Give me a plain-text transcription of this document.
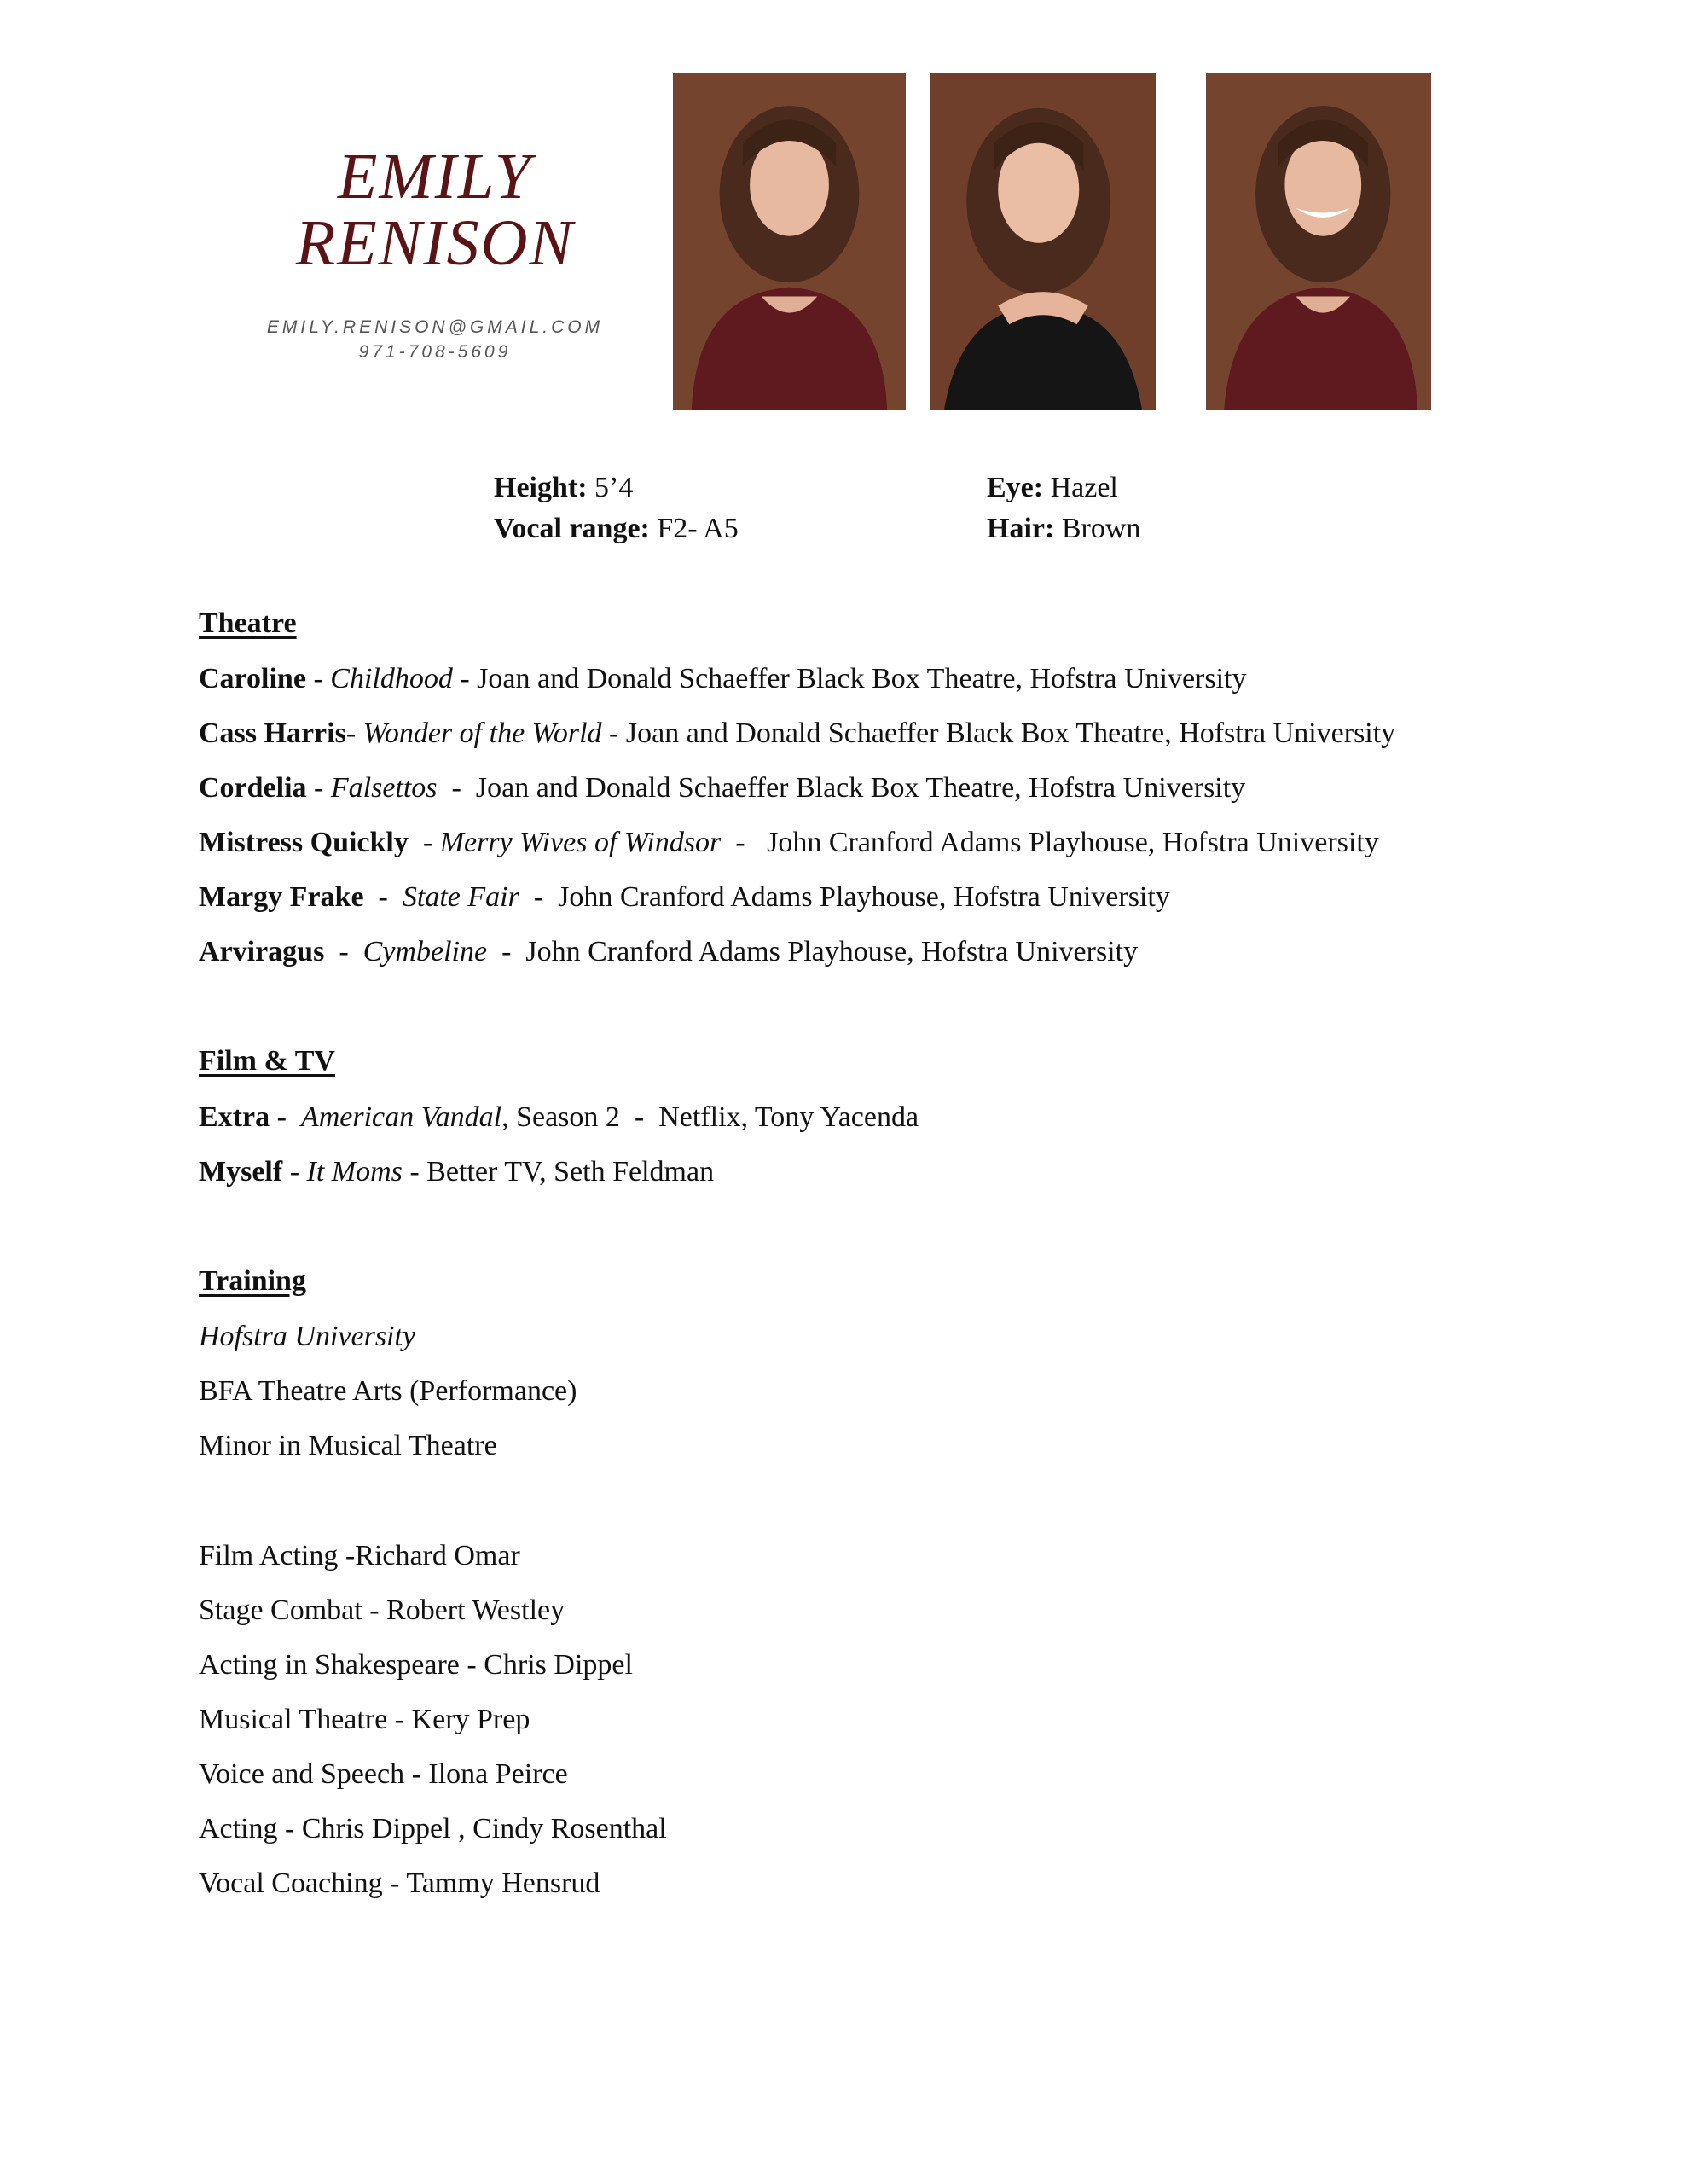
EMILY
RENISON
EMILY.RENISON@GMAIL.COM
971-708-5609
Height: 5’4
Vocal range: F2- A5
Eye: Hazel
Hair: Brown
Theatre
Caroline - Childhood - Joan and Donald Schaeffer Black Box Theatre, Hofstra University
Cass Harris- Wonder of the World - Joan and Donald Schaeffer Black Box Theatre, Hofstra University
Cordelia - Falsettos  -  Joan and Donald Schaeffer Black Box Theatre, Hofstra University
Mistress Quickly  - Merry Wives of Windsor  -   John Cranford Adams Playhouse, Hofstra University
Margy Frake  -  State Fair  -  John Cranford Adams Playhouse, Hofstra University
Arviragus  -  Cymbeline  -  John Cranford Adams Playhouse, Hofstra University
Film & TV
Extra -  American Vandal, Season 2  -  Netflix, Tony Yacenda
Myself - It Moms - Better TV, Seth Feldman
Training
Hofstra University
BFA Theatre Arts (Performance)
Minor in Musical Theatre
Film Acting -Richard Omar
Stage Combat - Robert Westley
Acting in Shakespeare - Chris Dippel
Musical Theatre - Kery Prep
Voice and Speech - Ilona Peirce
Acting - Chris Dippel , Cindy Rosenthal
Vocal Coaching - Tammy Hensrud
